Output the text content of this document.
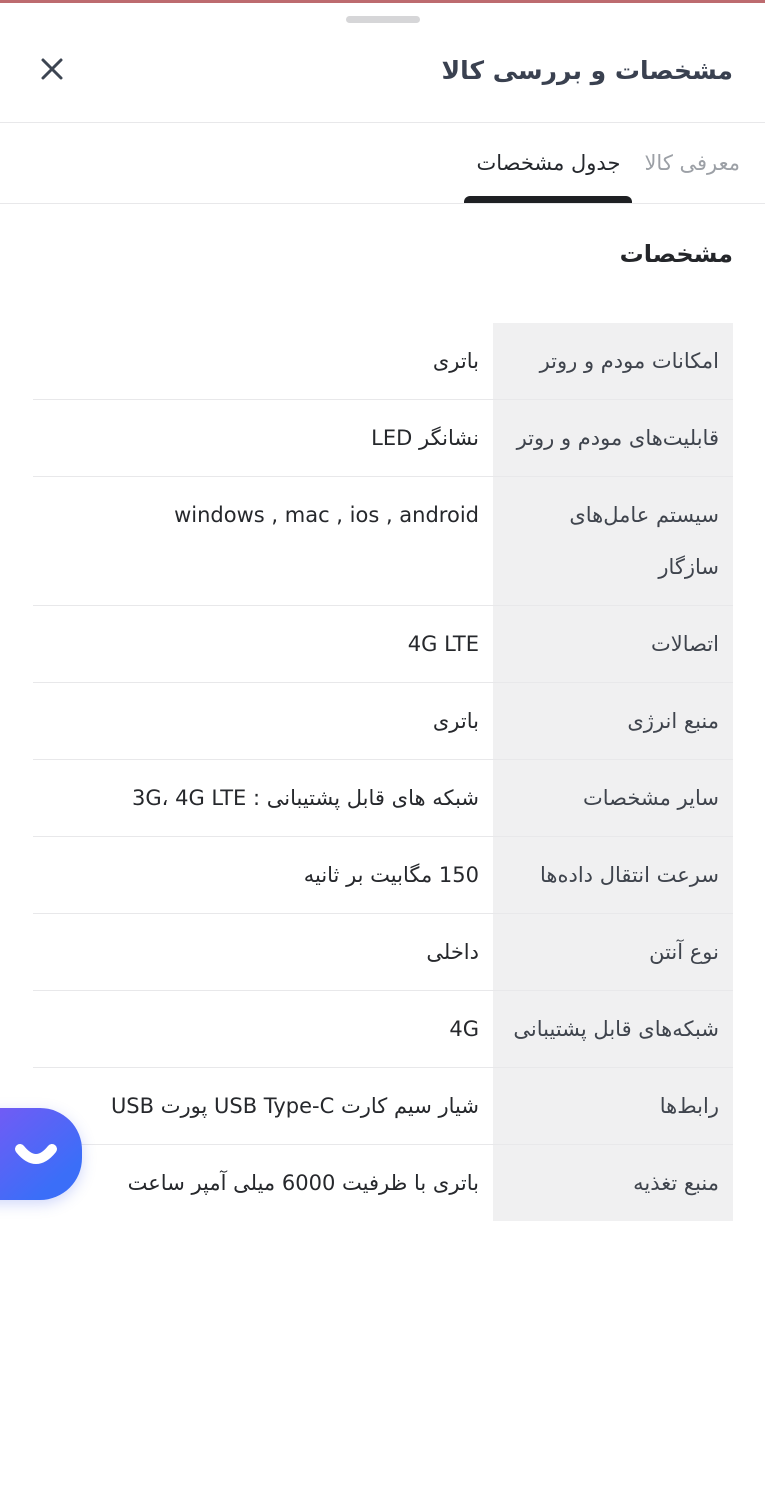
مشخصات و بررسی کالا
معرفی کالا
جدول مشخصات
مشخصات
امکانات مودم و روتر
باتری
قابلیت‌های مودم و روتر
نشانگر LED
سیستم عامل‌های سازگار
windows , mac , ios , android
اتصالات
4G LTE
منبع انرژی
باتری
سایر مشخصات
شبکه های قابل پشتیبانی : 3G، 4G LTE
سرعت انتقال داده‌ها
150 مگابیت بر ثانیه
نوع آنتن
داخلی
شبکه‌های قابل پشتیبانی
4G
رابط‌ها
شیار سیم کارت USB Type-C پورت USB
منبع تغذیه
باتری با ظرفیت 6000 میلی آمپر ساعت
